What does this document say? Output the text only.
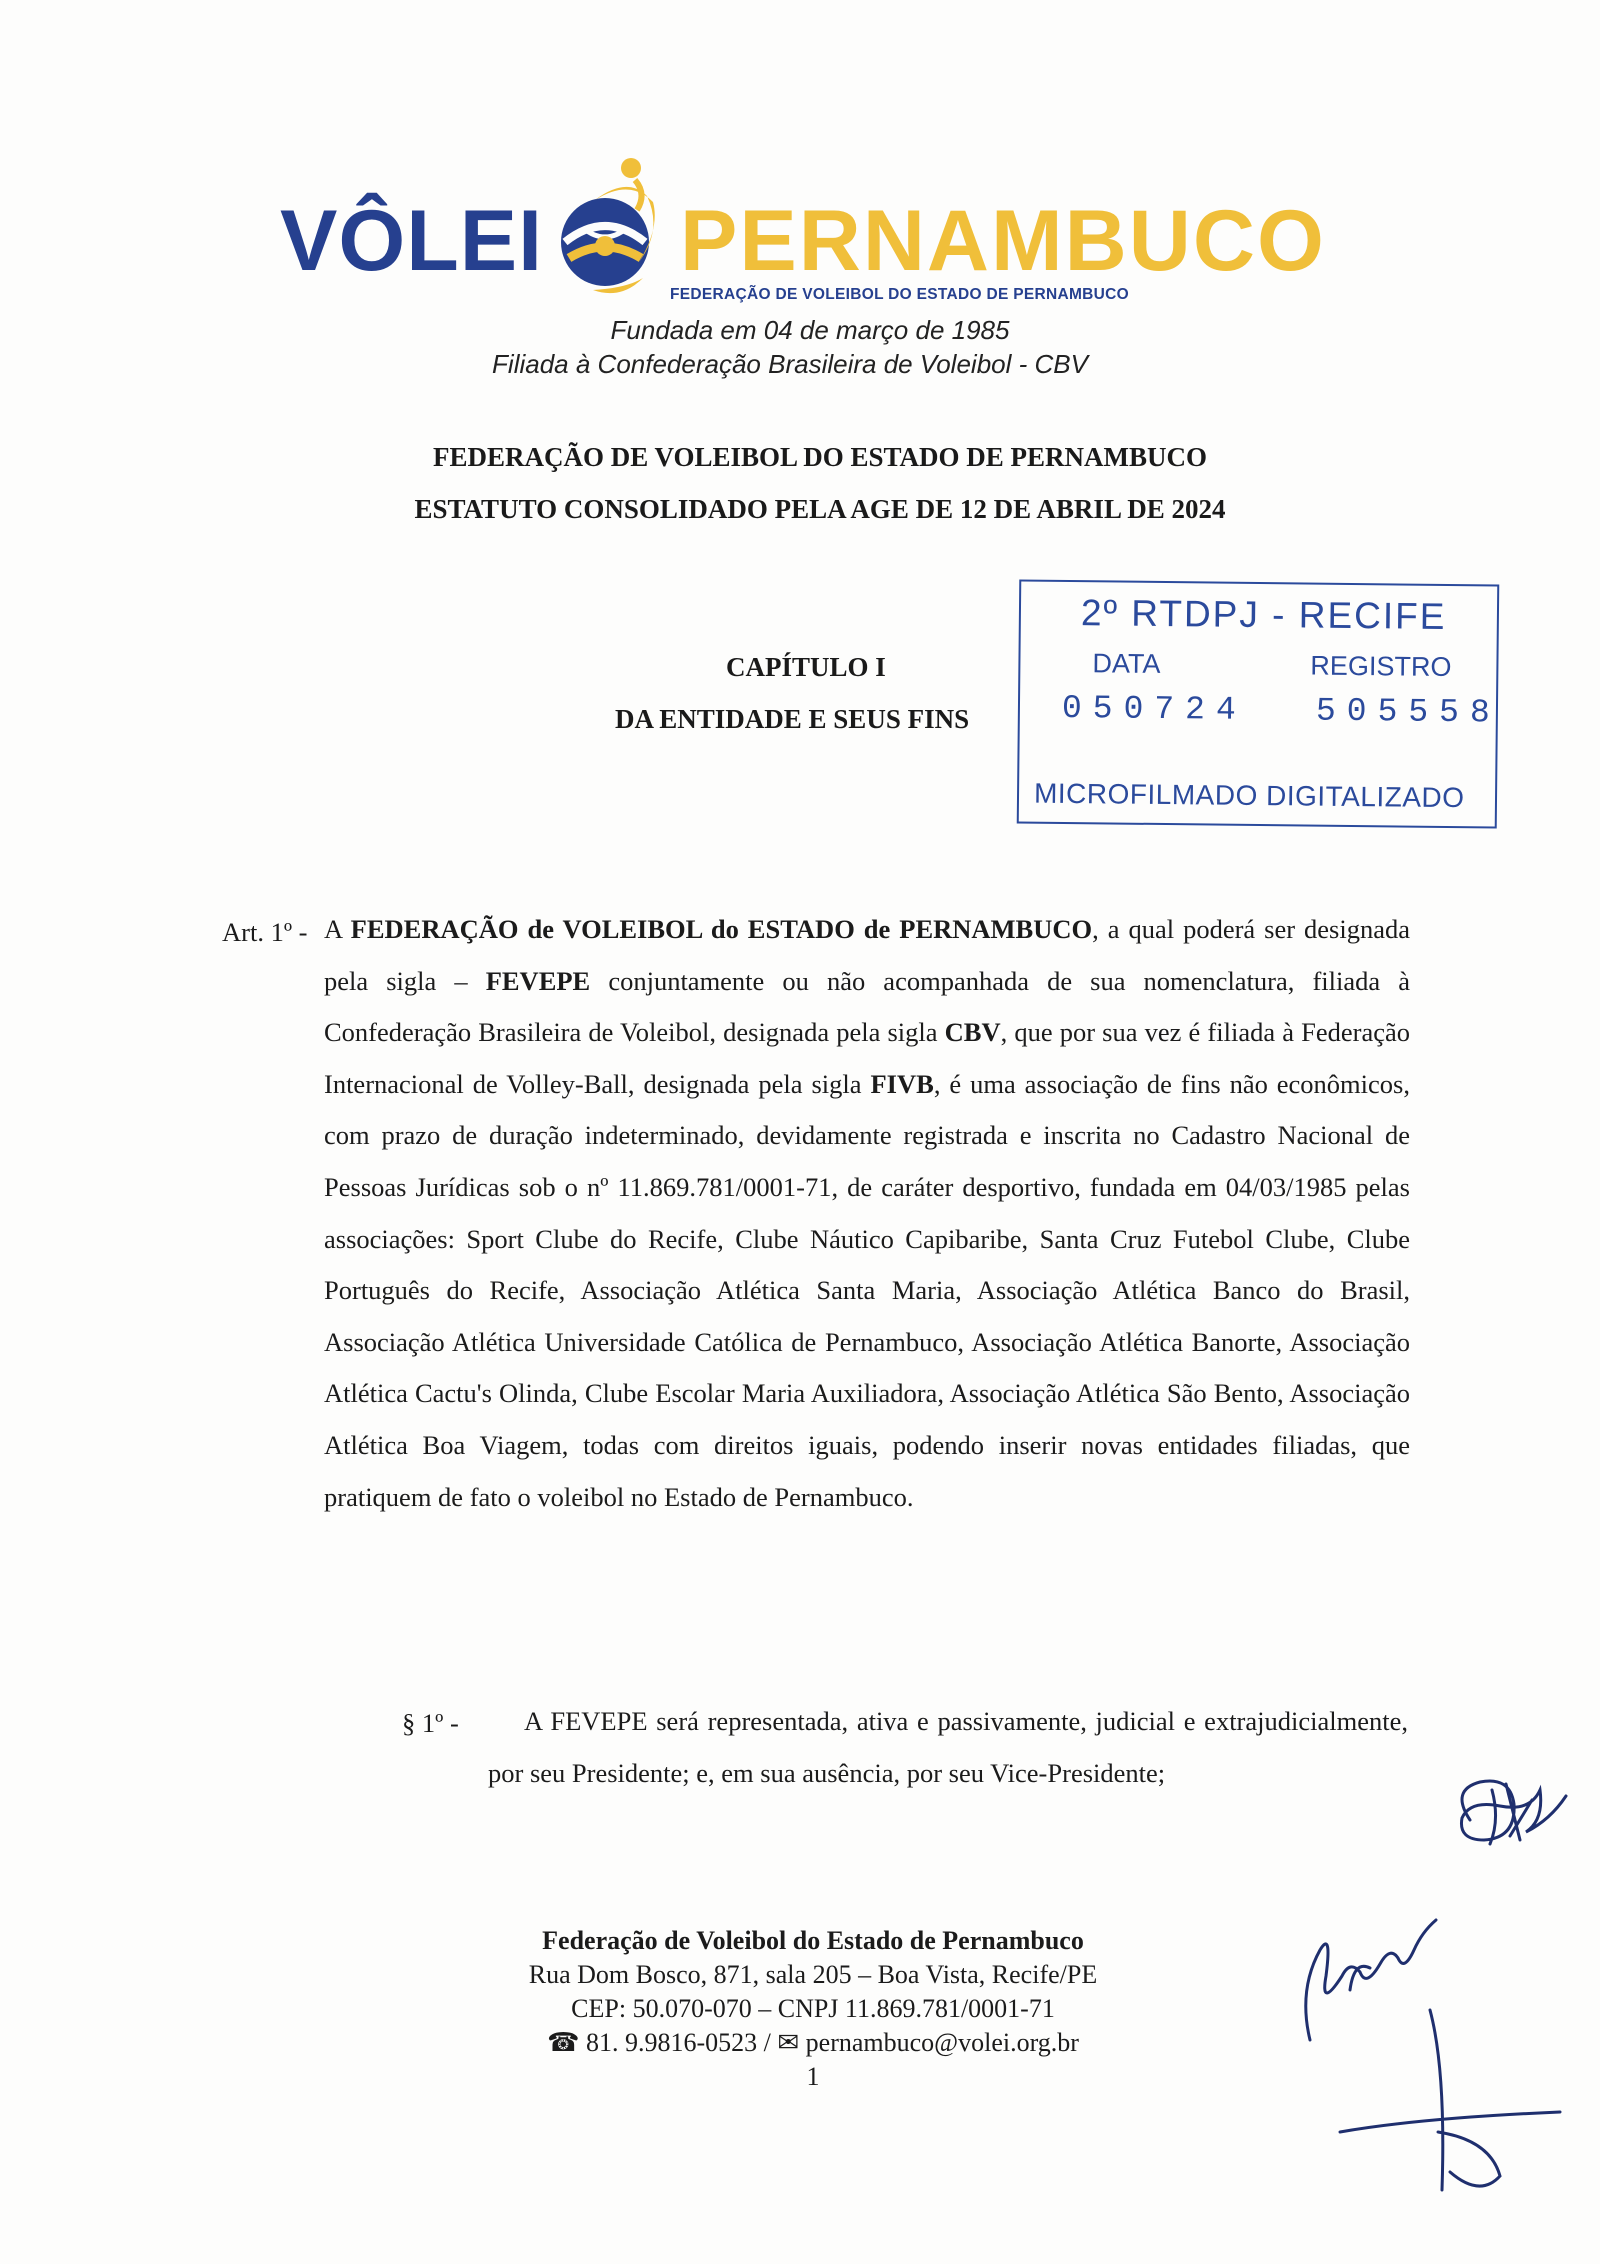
VÔLEI PERNAMBUCO
FEDERAÇÃO DE VOLEIBOL DO ESTADO DE PERNAMBUCO
Fundada em 04 de março de 1985
Filiada à Confederação Brasileira de Voleibol - CBV
FEDERAÇÃO DE VOLEIBOL DO ESTADO DE PERNAMBUCO
ESTATUTO CONSOLIDADO PELA AGE DE 12 DE ABRIL DE 2024
2º RTDPJ - RECIFE
DATA	REGISTRO
050724 505558
MICROFILMADO DIGITALIZADO
CAPÍTULO I
DA ENTIDADE E SEUS FINS
Art. 1º - A FEDERAÇÃO de VOLEIBOL do ESTADO de PERNAMBUCO, a qual poderá ser designada pela sigla – FEVEPE conjuntamente ou não acompanhada de sua nomenclatura, filiada à Confederação Brasileira de Voleibol, designada pela sigla CBV, que por sua vez é filiada à Federação Internacional de Volley-Ball, designada pela sigla FIVB, é uma associação de fins não econômicos, com prazo de duração indeterminado, devidamente registrada e inscrita no Cadastro Nacional de Pessoas Jurídicas sob o nº 11.869.781/0001-71, de caráter desportivo, fundada em 04/03/1985 pelas associações: Sport Clube do Recife, Clube Náutico Capibaribe, Santa Cruz Futebol Clube, Clube Português do Recife, Associação Atlética Santa Maria, Associação Atlética Banco do Brasil, Associação Atlética Universidade Católica de Pernambuco, Associação Atlética Banorte, Associação Atlética Cactu's Olinda, Clube Escolar Maria Auxiliadora, Associação Atlética São Bento, Associação Atlética Boa Viagem, todas com direitos iguais, podendo inserir novas entidades filiadas, que pratiquem de fato o voleibol no Estado de Pernambuco.
§ 1º -	A FEVEPE será representada, ativa e passivamente, judicial e extrajudicialmente, por seu Presidente; e, em sua ausência, por seu Vice-Presidente;
Federação de Voleibol do Estado de Pernambuco
Rua Dom Bosco, 871, sala 205 – Boa Vista, Recife/PE
CEP: 50.070-070 – CNPJ 11.869.781/0001-71
☎ 81. 9.9816-0523 / ✉ pernambuco@volei.org.br
1
